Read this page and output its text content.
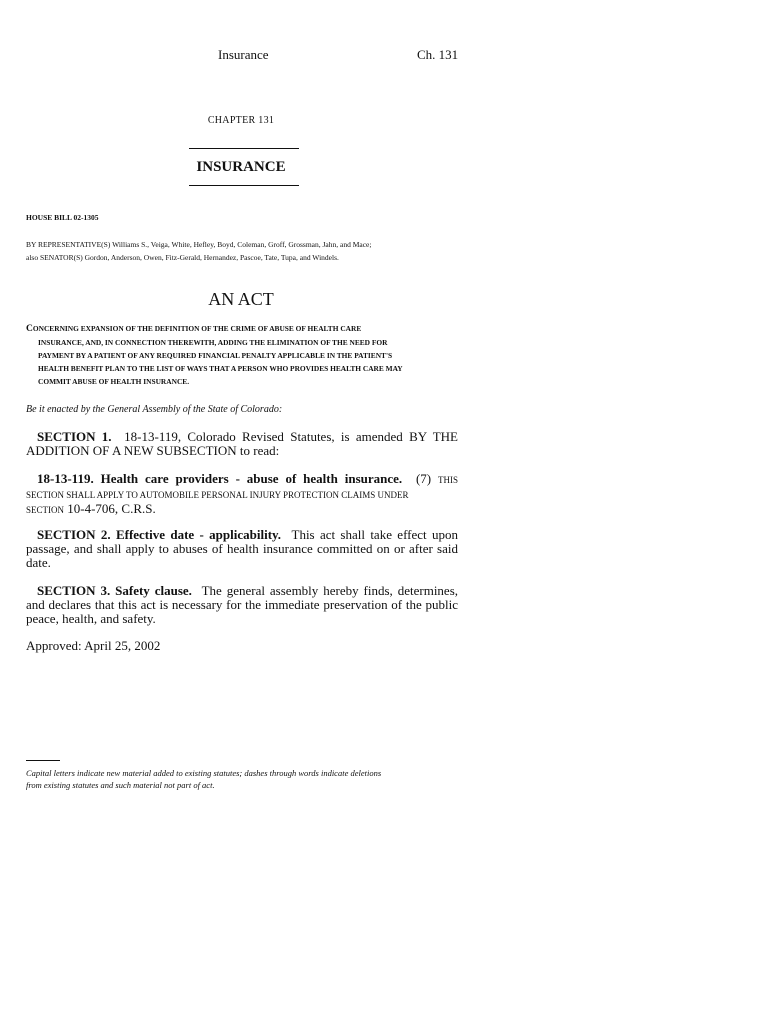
Insurance	Ch. 131
CHAPTER 131
INSURANCE
HOUSE BILL 02-1305
BY REPRESENTATIVE(S) Williams S., Veiga, White, Hefley, Boyd, Coleman, Groff, Grossman, Jahn, and Mace;
also SENATOR(S) Gordon, Anderson, Owen, Fitz-Gerald, Hernandez, Pascoe, Tate, Tupa, and Windels.
AN ACT
CONCERNING EXPANSION OF THE DEFINITION OF THE CRIME OF ABUSE OF HEALTH CARE
INSURANCE, AND, IN CONNECTION THEREWITH, ADDING THE ELIMINATION OF THE NEED FOR
PAYMENT BY A PATIENT OF ANY REQUIRED FINANCIAL PENALTY APPLICABLE IN THE PATIENT'S
HEALTH BENEFIT PLAN TO THE LIST OF WAYS THAT A PERSON WHO PROVIDES HEALTH CARE MAY
COMMIT ABUSE OF HEALTH INSURANCE.
Be it enacted by the General Assembly of the State of Colorado:
SECTION 1. 18-13-119, Colorado Revised Statutes, is amended BY THE ADDITION OF A NEW SUBSECTION to read:
18-13-119. Health care providers - abuse of health insurance. (7) THIS SECTION SHALL APPLY TO AUTOMOBILE PERSONAL INJURY PROTECTION CLAIMS UNDER
SECTION 10-4-706, C.R.S.
SECTION 2. Effective date - applicability. This act shall take effect upon passage, and shall apply to abuses of health insurance committed on or after said date.
SECTION 3. Safety clause. The general assembly hereby finds, determines, and declares that this act is necessary for the immediate preservation of the public peace, health, and safety.
Approved: April 25, 2002
Capital letters indicate new material added to existing statutes; dashes through words indicate deletions
from existing statutes and such material not part of act.
